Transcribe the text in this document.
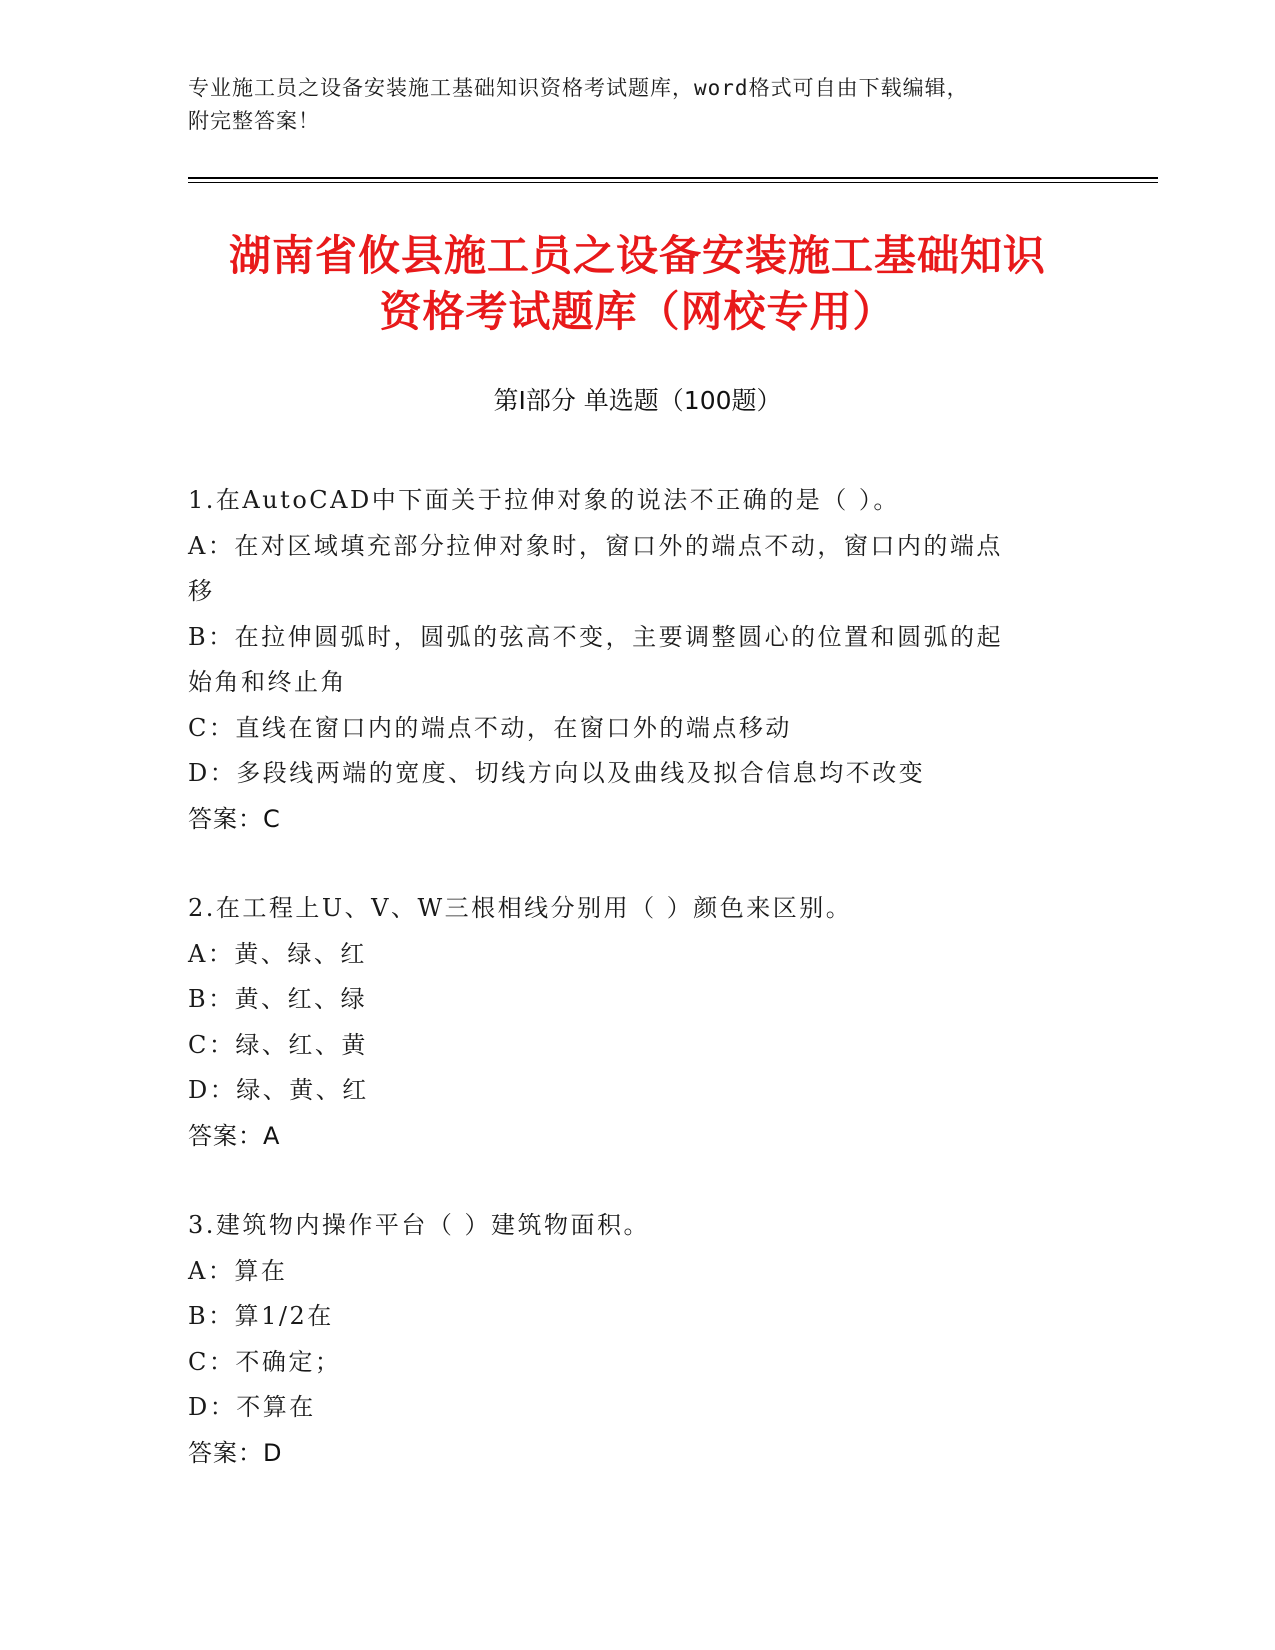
专业施工员之设备安装施工基础知识资格考试题库，word格式可自由下载编辑，
附完整答案！
湖南省攸县施工员之设备安装施工基础知识
资格考试题库（网校专用）
第Ⅰ部分 单选题（100题）
1.在AutoCAD中下面关于拉伸对象的说法不正确的是（ ）。
A：在对区域填充部分拉伸对象时，窗口外的端点不动，窗口内的端点
移
B：在拉伸圆弧时，圆弧的弦高不变，主要调整圆心的位置和圆弧的起
始角和终止角
C：直线在窗口内的端点不动，在窗口外的端点移动
D：多段线两端的宽度、切线方向以及曲线及拟合信息均不改变
答案：C
2.在工程上U、V、W三根相线分别用（ ）颜色来区别。
A：黄、绿、红
B：黄、红、绿
C：绿、红、黄
D：绿、黄、红
答案：A
3.建筑物内操作平台（ ）建筑物面积。
A：算在
B：算1/2在
C：不确定；
D：不算在
答案：D
